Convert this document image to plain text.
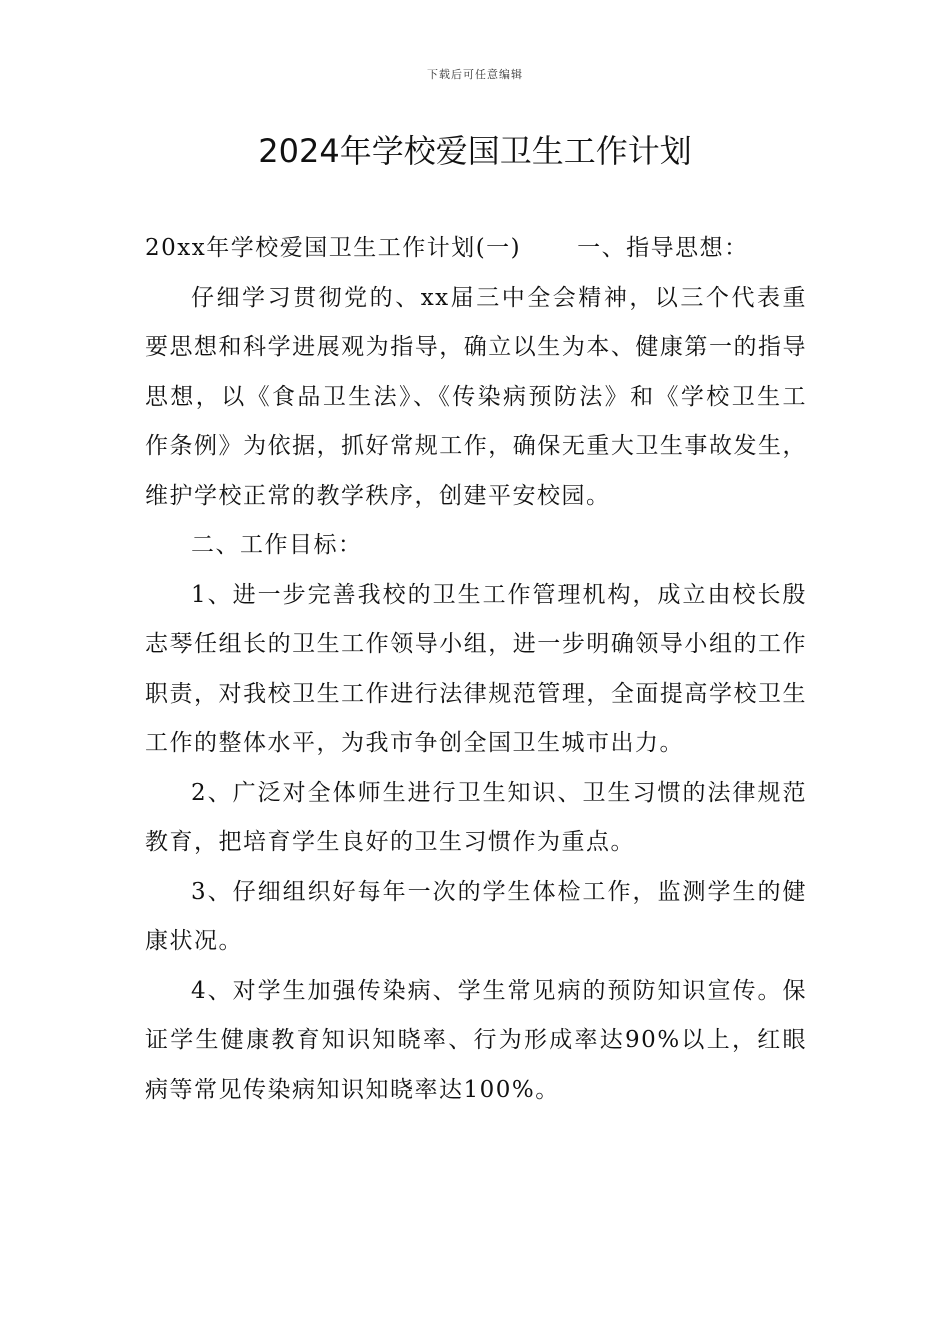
下载后可任意编辑
2024年学校爱国卫生工作计划

20xx年学校爱国卫生工作计划(一) 一、指导思想：

仔细学习贯彻党的、xx届三中全会精神，以三个代表重要思想和科学进展观为指导，确立以生为本、健康第一的指导思想，以《食品卫生法》、《传染病预防法》和《学校卫生工作条例》为依据，抓好常规工作，确保无重大卫生事故发生，维护学校正常的教学秩序，创建平安校园。

二、工作目标：

1、进一步完善我校的卫生工作管理机构，成立由校长殷志琴任组长的卫生工作领导小组，进一步明确领导小组的工作职责，对我校卫生工作进行法律规范管理，全面提高学校卫生工作的整体水平，为我市争创全国卫生城市出力。

2、广泛对全体师生进行卫生知识、卫生习惯的法律规范教育，把培育学生良好的卫生习惯作为重点。

3、仔细组织好每年一次的学生体检工作，监测学生的健康状况。

4、对学生加强传染病、学生常见病的预防知识宣传。保证学生健康教育知识知晓率、行为形成率达90%以上，红眼病等常见传染病知识知晓率达100%。
